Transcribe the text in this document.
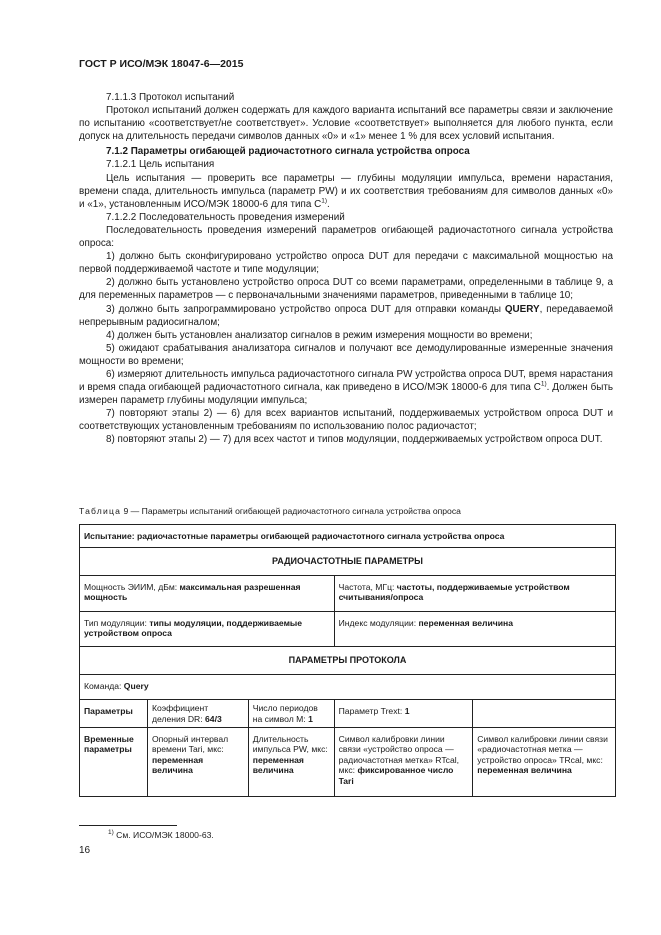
ГОСТ Р ИСО/МЭК 18047-6—2015

7.1.1.3 Протокол испытаний

Протокол испытаний должен содержать для каждого варианта испытаний все параметры связи и заключение по испытанию «соответствует/не соответствует». Условие «соответствует» выполняется для любого пункта, если допуск на длительность передачи символов данных «0» и «1» менее 1 % для всех условий испытания.

7.1.2 Параметры огибающей радиочастотного сигнала устройства опроса

7.1.2.1 Цель испытания

Цель испытания — проверить все параметры — глубины модуляции импульса, времени нарастания, времени спада, длительность импульса (параметр PW) и их соответствия требованиям для символов данных «0» и «1», установленным ИСО/МЭК 18000-6 для типа $C^{1)}$.

7.1.2.2 Последовательность проведения измерений

Последовательность проведения измерений параметров огибающей радиочастотного сигнала устройства опроса:

1) должно быть сконфигурировано устройство опроса DUT для передачи с максимальной мощностью на первой поддерживаемой частоте и типе модуляции;

2) должно быть установлено устройство опроса DUT со всеми параметрами, определенными в таблице 9, а для переменных параметров — с первоначальными значениями параметров, приведенными в таблице 10;

3) должно быть запрограммировано устройство опроса DUT для отправки команды QUERY, передаваемой непрерывным радиосигналом;

4) должен быть установлен анализатор сигналов в режим измерения мощности во времени;

5) ожидают срабатывания анализатора сигналов и получают все демодулированные измеренные значения мощности во времени;

6) измеряют длительность импульса радиочастотного сигнала PW устройства опроса DUT, время нарастания и время спада огибающей радиочастотного сигнала, как приведено в ИСО/МЭК 18000-6 для типа $C^{1)}$. Должен быть измерен параметр глубины модуляции импульса;

7) повторяют этапы 2) — 6) для всех вариантов испытаний, поддерживаемых устройством опроса DUT и соответствующих установленным требованиям по использованию полос радиочастот;

8) повторяют этапы 2) — 7) для всех частот и типов модуляции, поддерживаемых устройством опроса DUT.

Таблица 9 — Параметры испытаний огибающей радиочастотного сигнала устройства опроса
Испытание: радиочастотные параметры огибающей радиочастотного сигнала устройства опроса				
РАДИОЧАСТОТНЫЕ ПАРАМЕТРЫ				
Мощность ЭИИМ, дБм: максимальная разрешенная мощность			Частота, МГц: частоты, поддерживаемые устройством считывания/опроса	
Тип модуляции: типы модуляции, поддерживаемые устройством опроса			Индекс модуляции: переменная величина	
ПАРАМЕТРЫ ПРОТОКОЛА				
Команда: Query				
Параметры	Коэффициент деления DR: 64/3	Число периодов на символ M: 1	Параметр Trext: 1	
Временные параметры	Опорный интервал времени Tari, мкс: переменная величина	Длительность импульса PW, мкс: переменная величина	Символ калибровки линии связи «устройство опроса — радиочастотная метка» RTcal, мкс: фиксированное число Tari	Символ калибровки линии связи «радиочастотная метка — устройство опроса» TRcal, мкс: переменная величина
$^{1)}$ См. ИСО/МЭК 18000-63.
16
